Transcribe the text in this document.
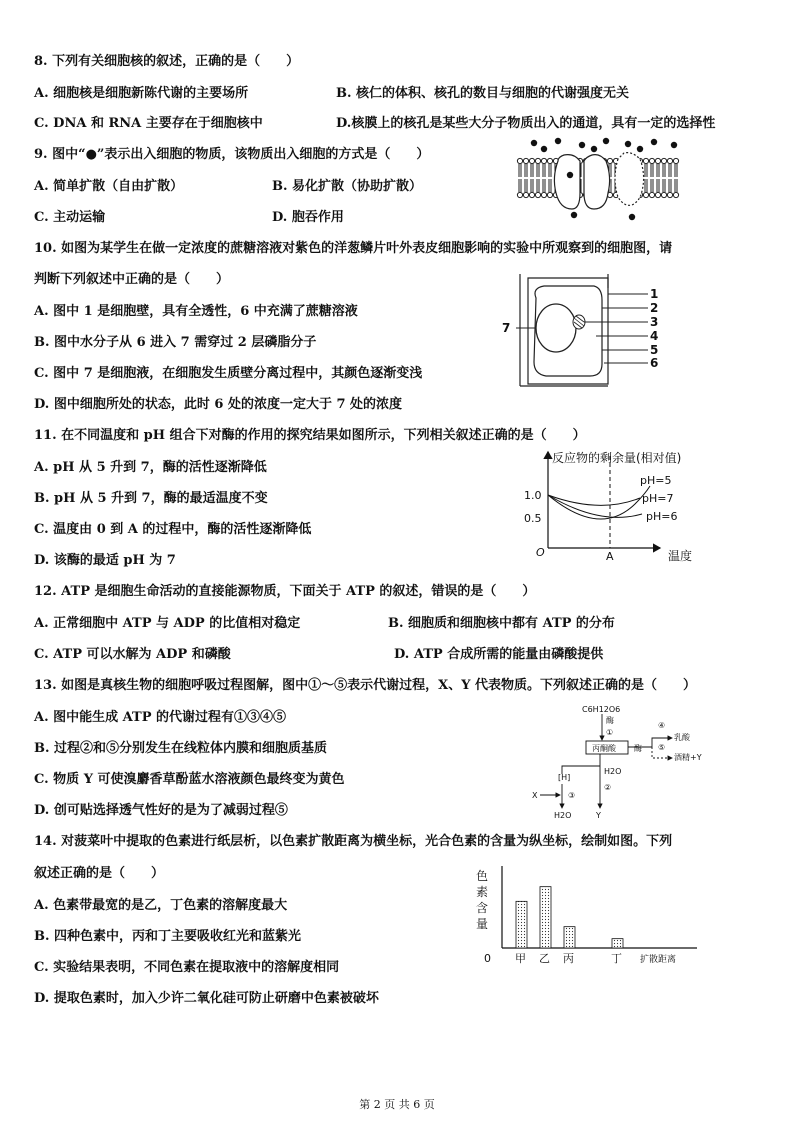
8. 下列有关细胞核的叙述，正确的是（　　）
A. 细胞核是细胞新陈代谢的主要场所	B. 核仁的体积、核孔的数目与细胞的代谢强度无关
C. DNA 和 RNA 主要存在于细胞核中	D.核膜上的核孔是某些大分子物质出入的通道，具有一定的选择性
9. 图中“●”表示出入细胞的物质，该物质出入细胞的方式是（　　）
A. 简单扩散（自由扩散）	B. 易化扩散（协助扩散）
C. 主动运输	D. 胞吞作用
10. 如图为某学生在做一定浓度的蔗糖溶液对紫色的洋葱鳞片叶外表皮细胞影响的实验中所观察到的细胞图，请
判断下列叙述中正确的是（　　）
A. 图中 1 是细胞壁，具有全透性，6 中充满了蔗糖溶液
B. 图中水分子从 6 进入 7 需穿过 2 层磷脂分子
C. 图中 7 是细胞液，在细胞发生质壁分离过程中，其颜色逐渐变浅
D. 图中细胞所处的状态，此时 6 处的浓度一定大于 7 处的浓度
1
2
3
4
5
6
7
11. 在不同温度和 pH 组合下对酶的作用的探究结果如图所示，下列相关叙述正确的是（　　）
A. pH 从 5 升到 7，酶的活性逐渐降低
B. pH 从 5 升到 7，酶的最适温度不变
C. 温度由 0 到 A 的过程中，酶的活性逐渐降低
D. 该酶的最适 pH 为 7
反应物的剩余量(相对值)
1.0
0.5
O	A	温度
pH=5
pH=7
pH=6
12. ATP 是细胞生命活动的直接能源物质，下面关于 ATP 的叙述，错误的是（　　）
A. 正常细胞中 ATP 与 ADP 的比值相对稳定	B. 细胞质和细胞核中都有 ATP 的分布
C. ATP 可以水解为 ADP 和磷酸	D. ATP 合成所需的能量由磷酸提供
13. 如图是真核生物的细胞呼吸过程图解，图中①～⑤表示代谢过程，X、Y 代表物质。下列叙述正确的是（　　）
A. 图中能生成 ATP 的代谢过程有①③④⑤
B. 过程②和⑤分别发生在线粒体内膜和细胞质基质
C. 物质 Y 可使溴麝香草酚蓝水溶液颜色最终变为黄色
D. 创可贴选择透气性好的是为了减弱过程⑤
C6H12O6
酶
①
丙酮酸 酶
④
乳酸
⑤
酒精+Y
[H]
H2O
②
X	③
H2O	Y
14. 对菠菜叶中提取的色素进行纸层析，以色素扩散距离为横坐标，光合色素的含量为纵坐标，绘制如图。下列
叙述正确的是（　　）
A. 色素带最宽的是乙，丁色素的溶解度最大
B. 四种色素中，丙和丁主要吸收红光和蓝紫光
C. 实验结果表明，不同色素在提取液中的溶解度相同
D. 提取色素时，加入少许二氧化硅可防止研磨中色素被破坏
色
素
含
量
0	扩散距离
甲 乙 丙	丁
第 2 页 共 6 页
